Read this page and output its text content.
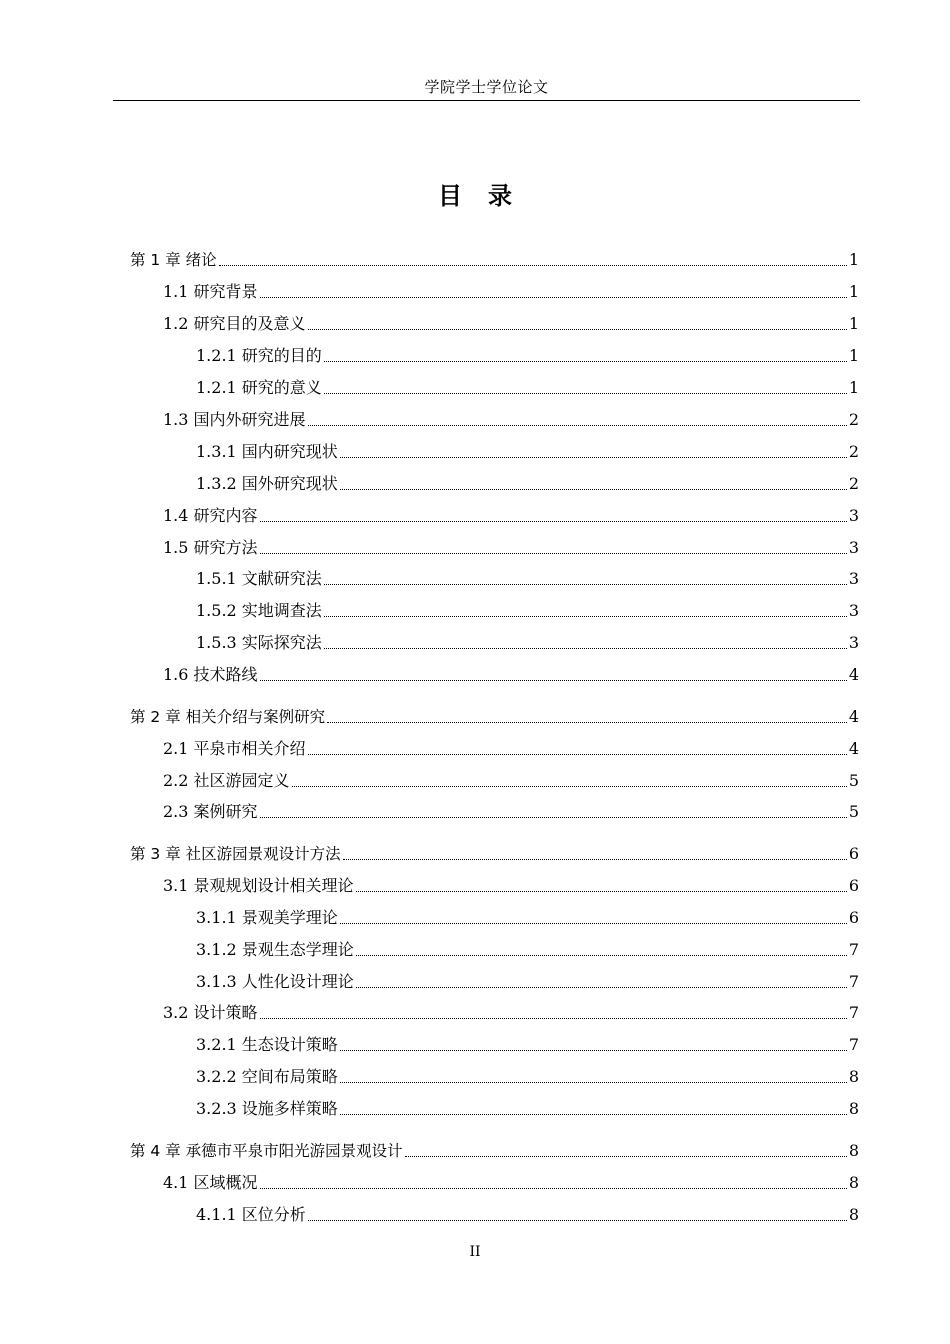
学院学士学位论文
目 录
第 1 章 绪论	1
1.1 研究背景	1
1.2 研究目的及意义	1
1.2.1 研究的目的	1
1.2.1 研究的意义	1
1.3 国内外研究进展	2
1.3.1 国内研究现状	2
1.3.2 国外研究现状	2
1.4 研究内容	3
1.5 研究方法	3
1.5.1 文献研究法	3
1.5.2 实地调查法	3
1.5.3 实际探究法	3
1.6 技术路线	4
第 2 章 相关介绍与案例研究	4
2.1 平泉市相关介绍	4
2.2 社区游园定义	5
2.3 案例研究	5
第 3 章 社区游园景观设计方法	6
3.1 景观规划设计相关理论	6
3.1.1 景观美学理论	6
3.1.2 景观生态学理论	7
3.1.3 人性化设计理论	7
3.2 设计策略	7
3.2.1 生态设计策略	7
3.2.2 空间布局策略	8
3.2.3 设施多样策略	8
第 4 章 承德市平泉市阳光游园景观设计	8
4.1 区域概况	8
4.1.1 区位分析	8
II
